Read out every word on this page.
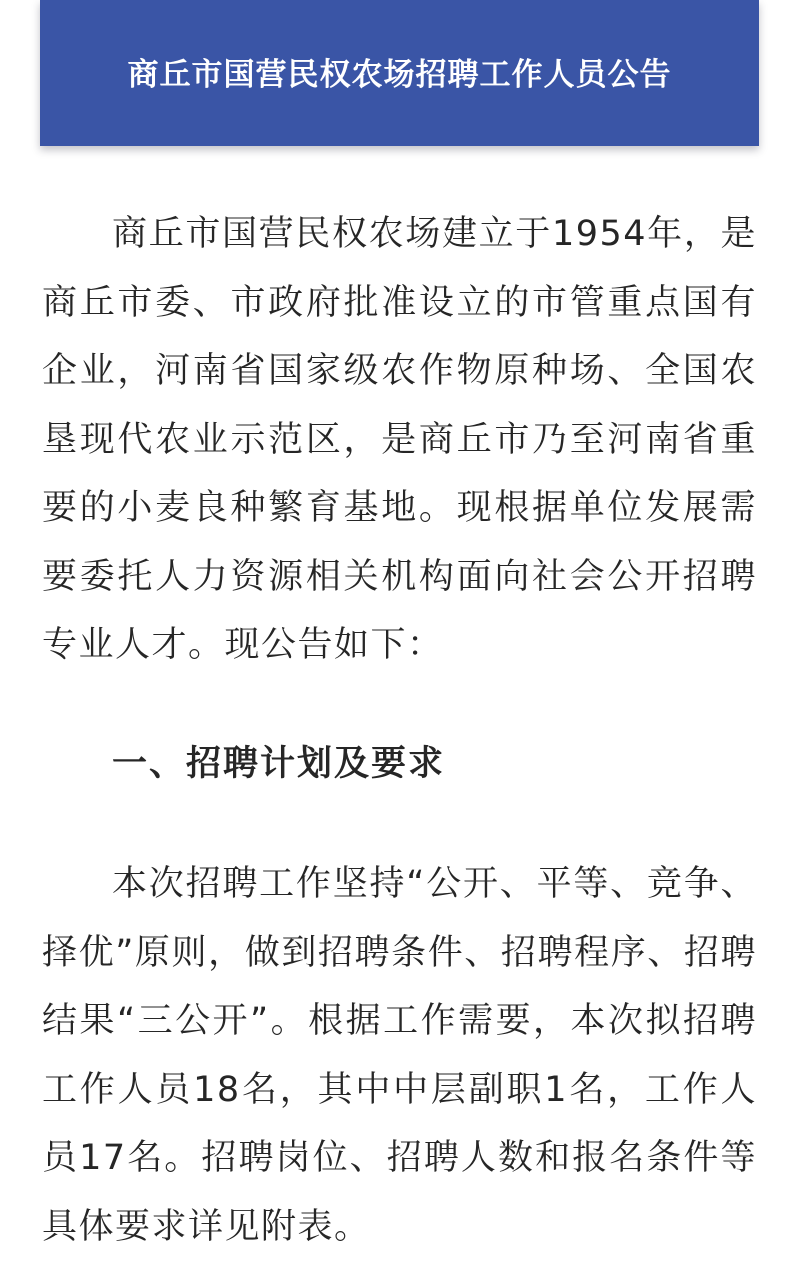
商丘市国营民权农场招聘工作人员公告

商丘市国营民权农场建立于1954年，是商丘市委、市政府批准设立的市管重点国有企业，河南省国家级农作物原种场、全国农垦现代农业示范区，是商丘市乃至河南省重要的小麦良种繁育基地。现根据单位发展需要委托人力资源相关机构面向社会公开招聘专业人才。现公告如下：

一、招聘计划及要求

本次招聘工作坚持“公开、平等、竞争、择优”原则，做到招聘条件、招聘程序、招聘结果“三公开”。根据工作需要，本次拟招聘工作人员18名，其中中层副职1名，工作人员17名。招聘岗位、招聘人数和报名条件等具体要求详见附表。
